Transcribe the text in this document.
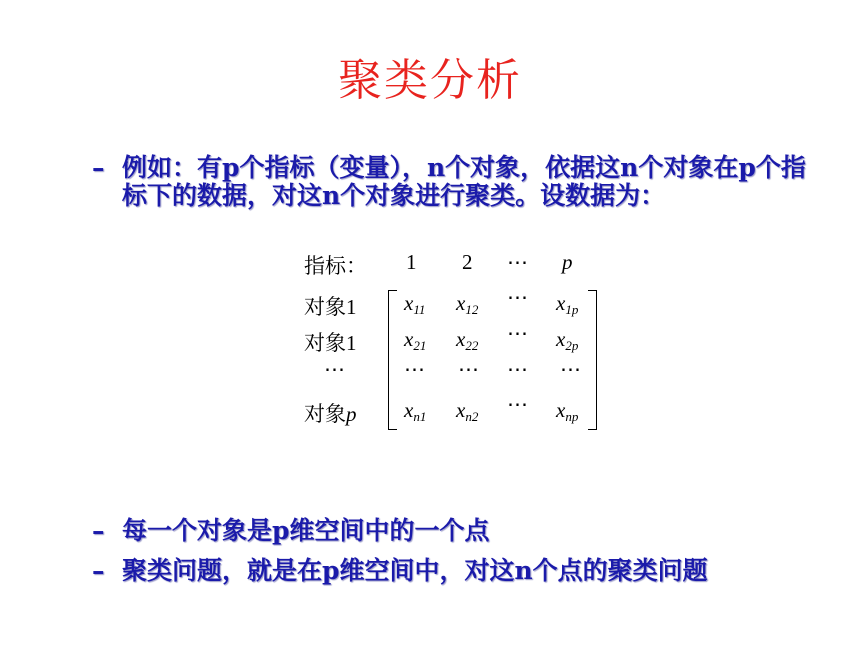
聚类分析
– 例如：有p个指标（变量），n个对象，依据这n个对象在p个指标下的数据，对这n个对象进行聚类。设数据为：
指标： 1 2 ⋯ p
对象1 $x_{11}$ $x_{12}$
⋯ $x_{1p}$
对象1 $x_{21}$ $x_{22}$
⋯ $x_{2p}$
⋯	⋯ ⋯ ⋯ ⋯
对象p $x_{n1}$ $x_{n2}$
⋯ $x_{np}$
– 每一个对象是p维空间中的一个点
– 聚类问题，就是在p维空间中，对这n个点的聚类问题
